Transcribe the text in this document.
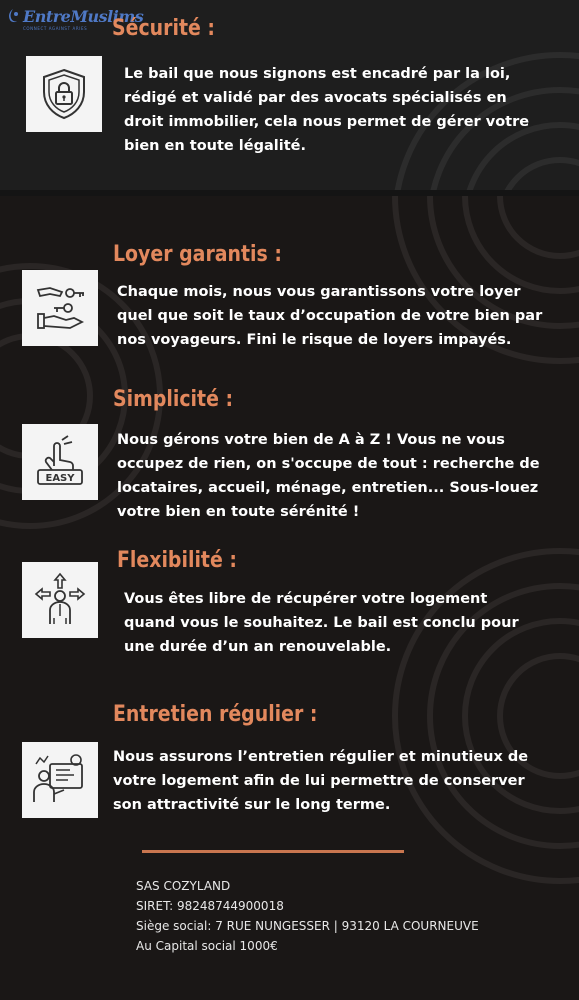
EntreMuslims
CONNECT AGAINST ARIES Sécurité :
Le bail que nous signons est encadré par la loi,
rédigé et validé par des avocats spécialisés en
droit immobilier, cela nous permet de gérer votre
bien en toute légalité.
Loyer garantis :
Chaque mois, nous vous garantissons votre loyer
quel que soit le taux d’occupation de votre bien par
nos voyageurs. Fini le risque de loyers impayés.
Simplicité :
EASY
Nous gérons votre bien de A à Z ! Vous ne vous
occupez de rien, on s'occupe de tout : recherche de
locataires, accueil, ménage, entretien... Sous-louez
votre bien en toute sérénité !
Flexibilité :
Vous êtes libre de récupérer votre logement
quand vous le souhaitez. Le bail est conclu pour
une durée d’un an renouvelable.
Entretien régulier :
Nous assurons l’entretien régulier et minutieux de
votre logement afin de lui permettre de conserver
son attractivité sur le long terme.
SAS COZYLAND
SIRET: 98248744900018
Siège social: 7 RUE NUNGESSER | 93120 LA COURNEUVE
Au Capital social 1000€
